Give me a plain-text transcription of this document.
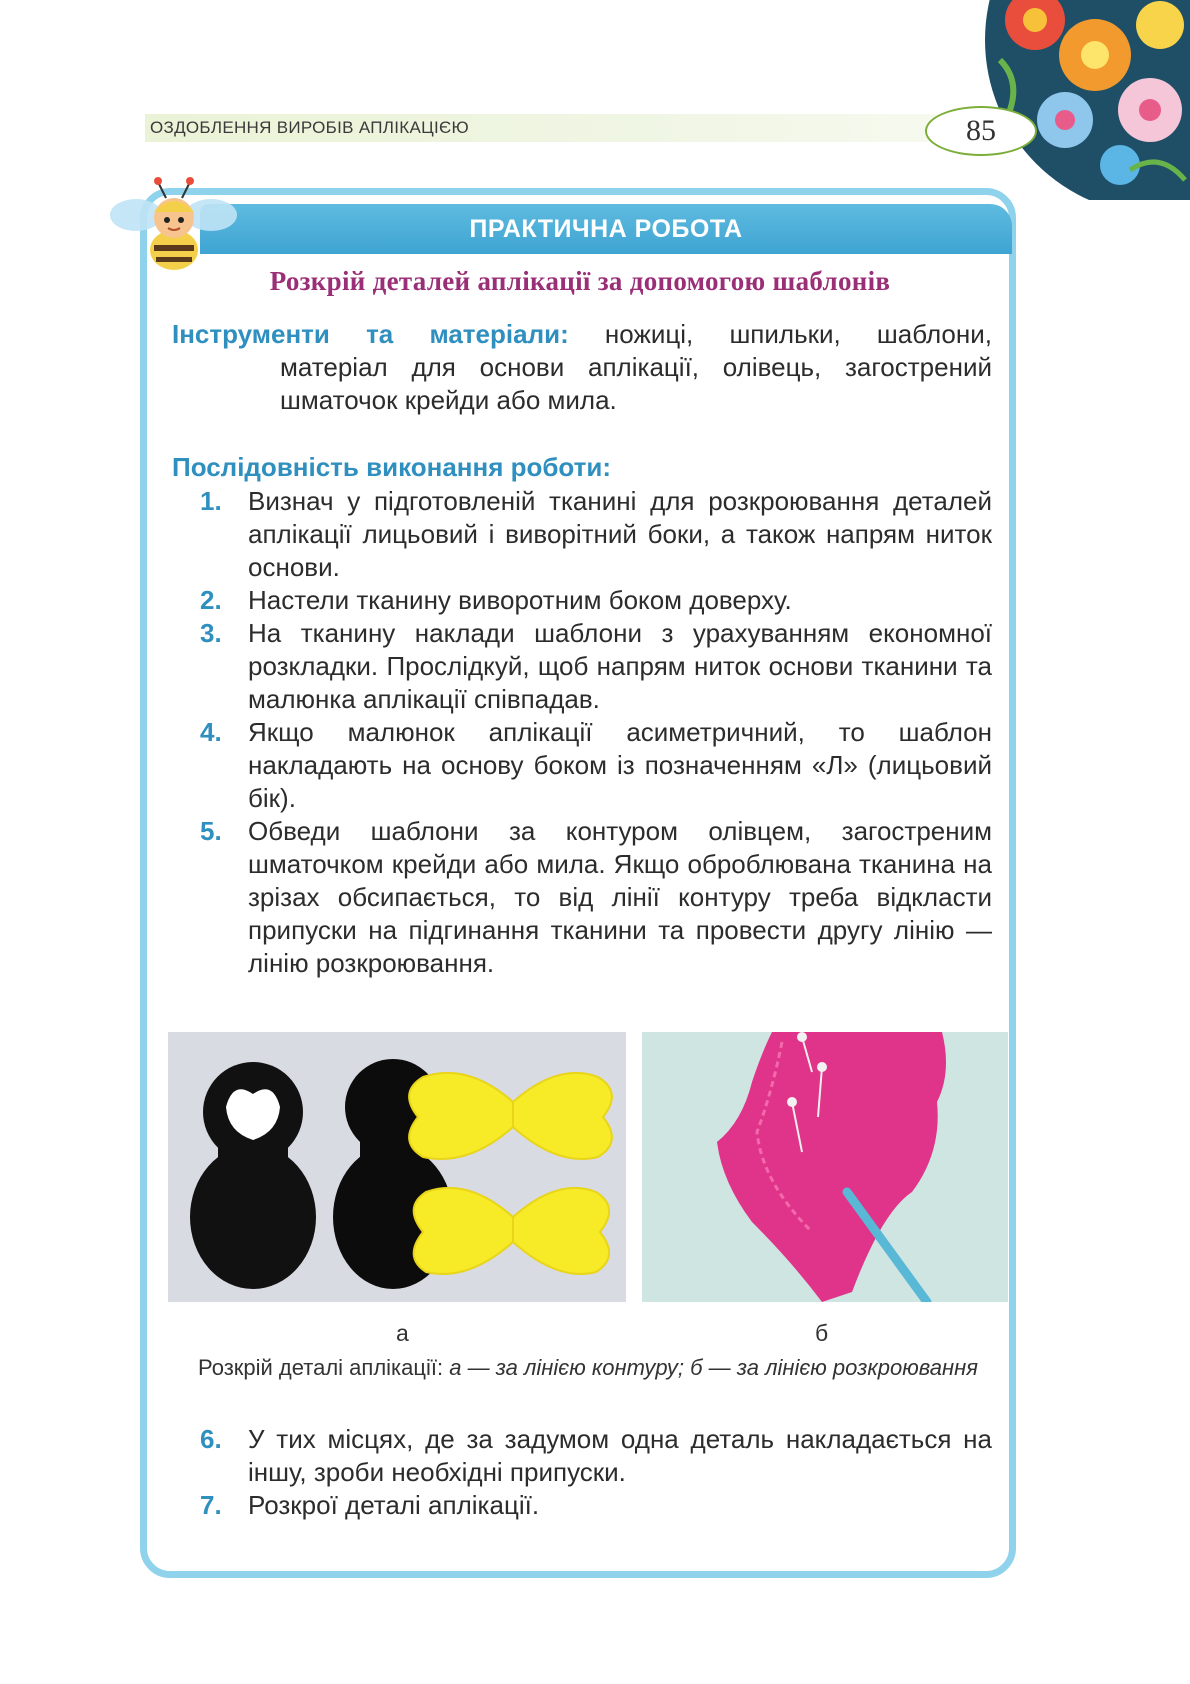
ОЗДОБЛЕННЯ ВИРОБІВ АПЛІКАЦІЄЮ	85
ПРАКТИЧНА РОБОТА
Розкрій деталей аплікації за допомогою шаблонів
Інструменти та матеріали: ножиці, шпильки, шаблони,
матеріал для основи аплікації, олівець, загострений
шматочок крейди або мила.
Послідовність виконання роботи:

1. Визнач у підготовленій тканині для розкроювання деталей аплікації лицьовий і виворітний боки, а також напрям ниток основи.

2. Настели тканину виворотним боком доверху.

3. На тканину наклади шаблони з урахуванням економної розкладки. Прослідкуй, щоб напрям ниток основи тканини та малюнка аплікації співпадав.

4. Якщо малюнок аплікації асиметричний, то шаблон накладають на основу боком із позначенням «Л» (лицьовий бік).

5. Обведи шаблони за контуром олівцем, загостреним шматочком крейди або мила. Якщо оброблювана тканина на зрізах обсипається, то від лінії контуру треба відкласти припуски на підгинання тканини та провести другу лінію — лінію розкроювання.

а	б
Розкрій деталі аплікації: а — за лінією контуру; б — за лінією розкроювання

6. У тих місцях, де за задумом одна деталь накладається на іншу, зроби необхідні припуски.

7. Розкрої деталі аплікації.
